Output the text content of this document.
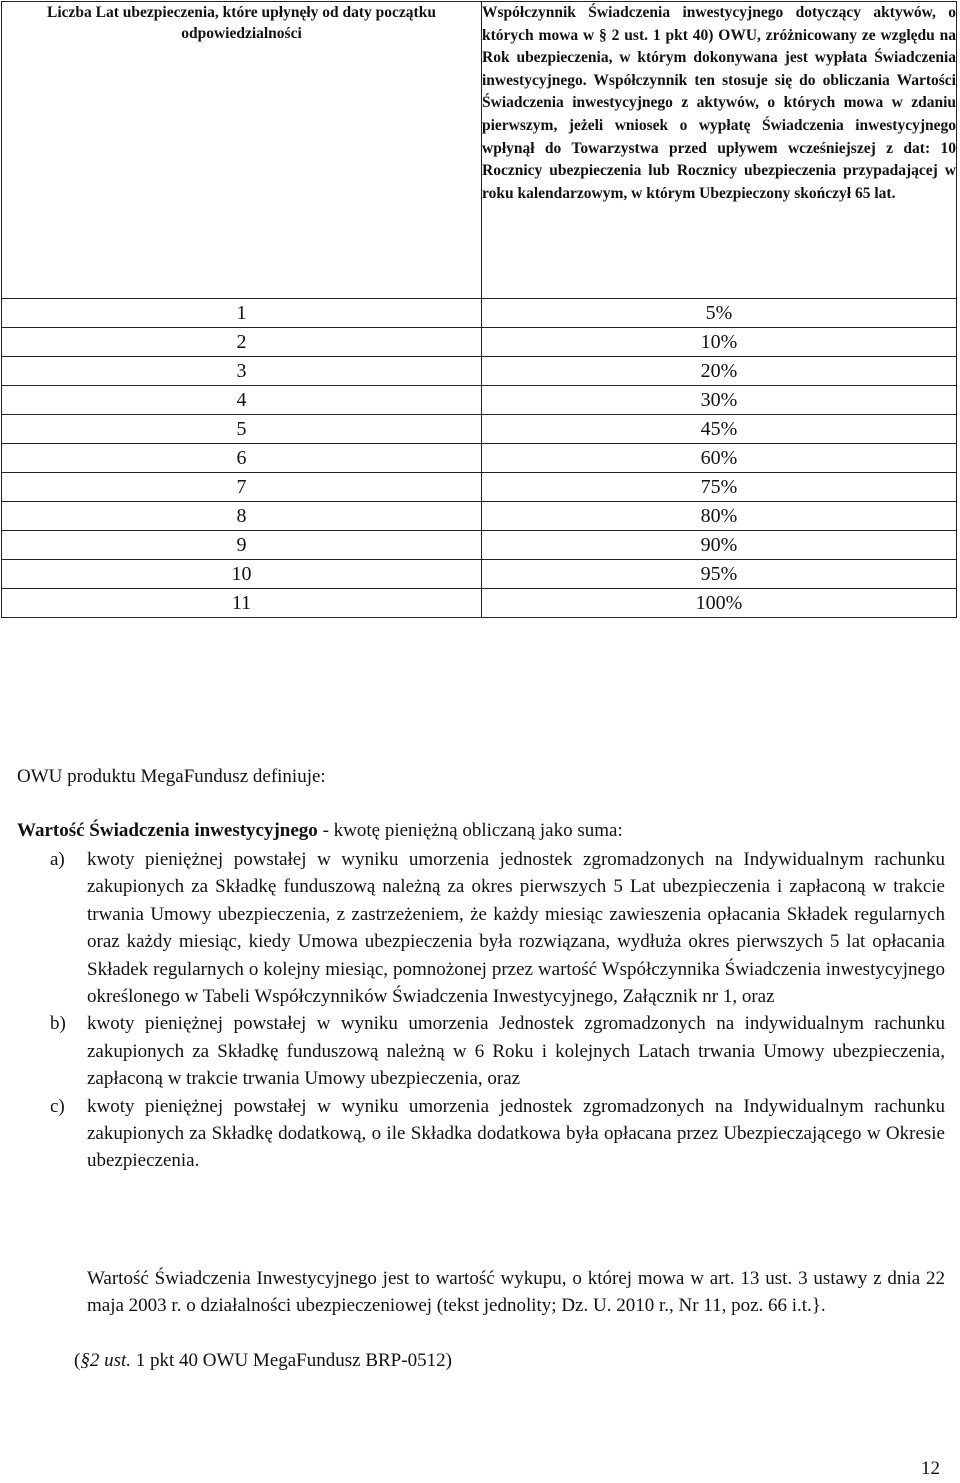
Liczba Lat ubezpieczenia, które upłynęły od daty początku odpowiedzialności	Współczynnik Świadczenia inwestycyjnego dotyczący aktywów, o których mowa w § 2 ust. 1 pkt 40) OWU, zróżnicowany ze względu na Rok ubezpieczenia, w którym dokonywana jest wypłata Świadczenia inwestycyjnego. Współczynnik ten stosuje się do obliczania Wartości Świadczenia inwestycyjnego z aktywów, o których mowa w zdaniu pierwszym, jeżeli wniosek o wypłatę Świadczenia inwestycyjnego wpłynął do Towarzystwa przed upływem wcześniejszej z dat: 10 Rocznicy ubezpieczenia lub Rocznicy ubezpieczenia przypadającej w roku kalendarzowym, w którym Ubezpieczony skończył 65 lat.
1	5%
2	10%
3	20%
4	30%
5	45%
6	60%
7	75%
8	80%
9	90%
10	95%
11	100%
OWU produktu MegaFundusz definiuje:
Wartość Świadczenia inwestycyjnego - kwotę pieniężną obliczaną jako suma:
a) kwoty pieniężnej powstałej w wyniku umorzenia jednostek zgromadzonych na Indywidualnym rachunku zakupionych za Składkę funduszową należną za okres pierwszych 5 Lat ubezpieczenia i zapłaconą w trakcie trwania Umowy ubezpieczenia, z zastrzeżeniem, że każdy miesiąc zawieszenia opłacania Składek regularnych oraz każdy miesiąc, kiedy Umowa ubezpieczenia była rozwiązana, wydłuża okres pierwszych 5 lat opłacania Składek regularnych o kolejny miesiąc, pomnożonej przez wartość Współczynnika Świadczenia inwestycyjnego określonego w Tabeli Współczynników Świadczenia Inwestycyjnego, Załącznik nr 1, oraz
b) kwoty pieniężnej powstałej w wyniku umorzenia Jednostek zgromadzonych na indywidualnym rachunku zakupionych za Składkę funduszową należną w 6 Roku i kolejnych Latach trwania Umowy ubezpieczenia, zapłaconą w trakcie trwania Umowy ubezpieczenia, oraz
c) kwoty pieniężnej powstałej w wyniku umorzenia jednostek zgromadzonych na Indywidualnym rachunku zakupionych za Składkę dodatkową, o ile Składka dodatkowa była opłacana przez Ubezpieczającego w Okresie ubezpieczenia.
Wartość Świadczenia Inwestycyjnego jest to wartość wykupu, o której mowa w art. 13 ust. 3 ustawy z dnia 22 maja 2003 r. o działalności ubezpieczeniowej (tekst jednolity; Dz. U. 2010 r., Nr 11, poz. 66 i.t.}.
(§2 ust. 1 pkt 40 OWU MegaFundusz BRP-0512)
12
